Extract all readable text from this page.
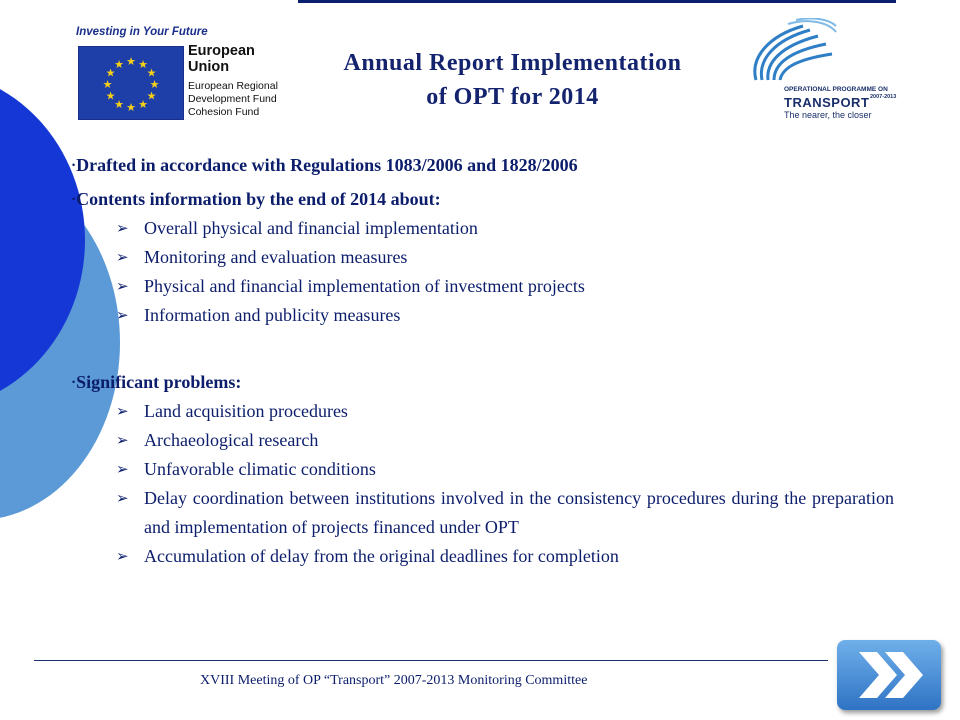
Investing in Your Future
★ ★
★
★
★
★
★
★
★
★
★
★
European
Union
European Regional
Development Fund
Cohesion Fund
Annual Report Implementation
of OPT for 2014	OPERATIONAL PROGRAMME ON
TRANSPORT 2007-2013
The nearer, the closer
•Drafted in accordance with Regulations 1083/2006 and 1828/2006
•Contents information by the end of 2014 about:
➢ Overall physical and financial implementation
➢ Monitoring and evaluation measures
➢ Physical and financial implementation of investment projects
➢ Information and publicity measures
•Significant problems:
➢ Land acquisition procedures
➢ Archaeological research
➢ Unfavorable climatic conditions
➢ Delay coordination between institutions involved in the consistency procedures during the preparation and implementation of projects financed under OPT
➢ Accumulation of delay from the original deadlines for completion
XVIII Meeting of OP “Transport” 2007-2013 Monitoring Committee
